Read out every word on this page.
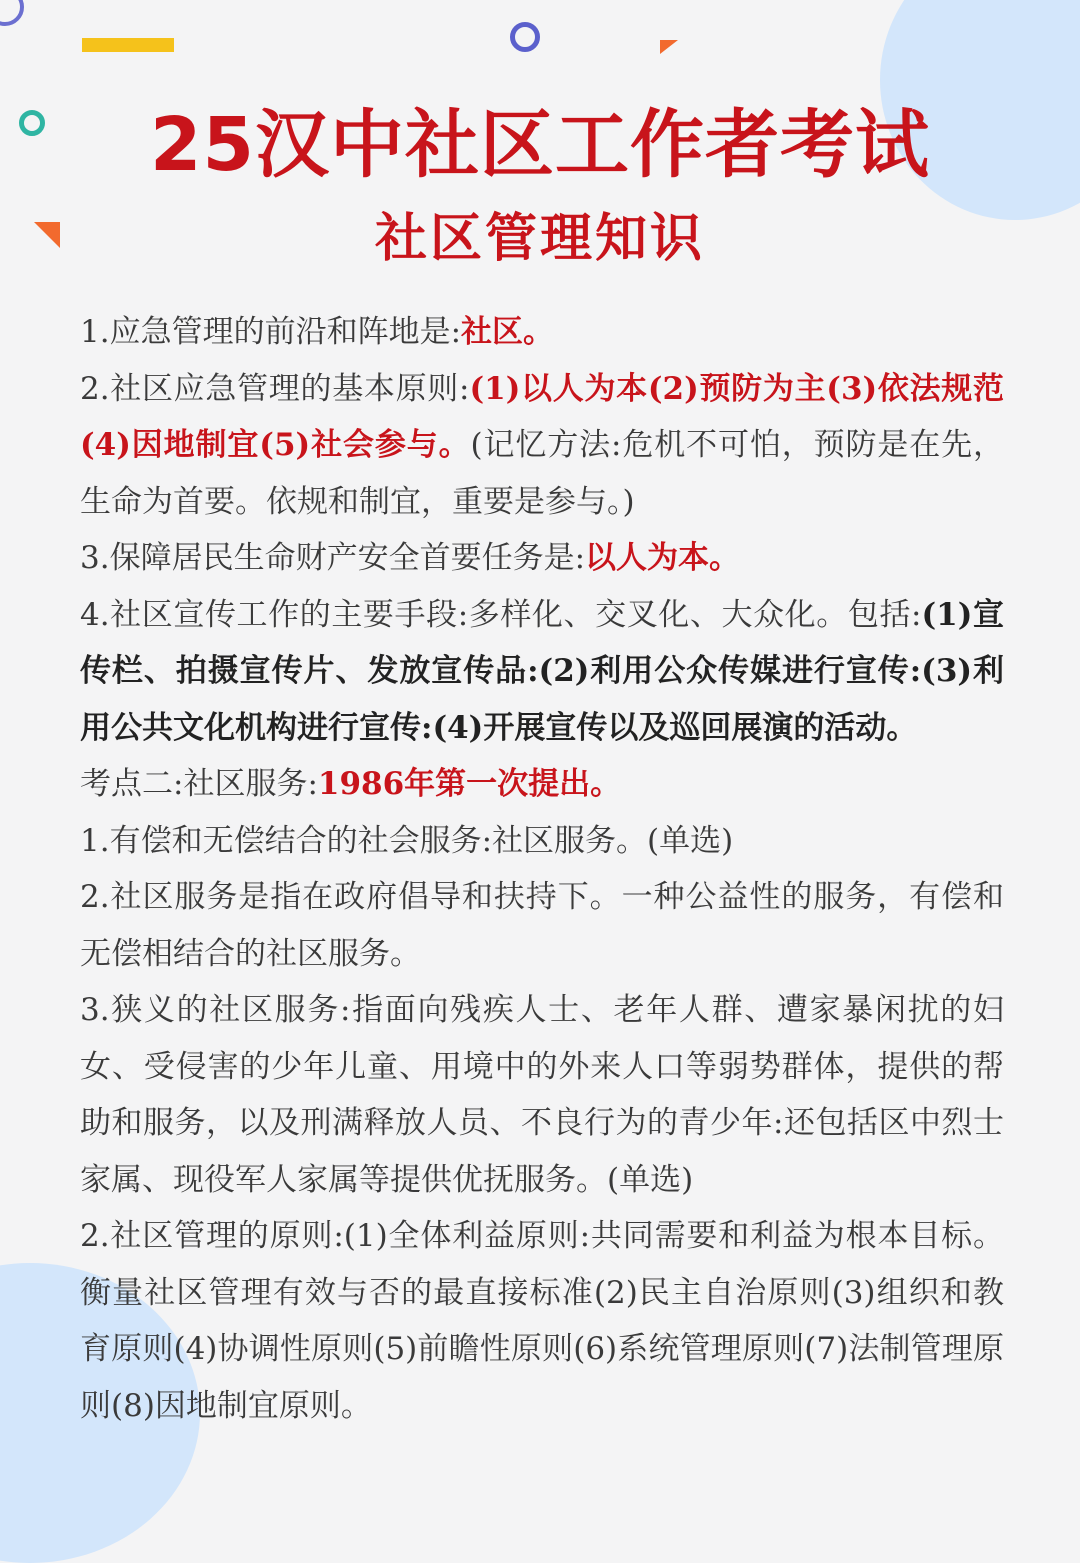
25汉中社区工作者考试
社区管理知识

1.应急管理的前沿和阵地是:社区。

2.社区应急管理的基本原则:(1)以人为本(2)预防为主(3)依法规范(4)因地制宜(5)社会参与。(记忆方法:危机不可怕，预防是在先，生命为首要。依规和制宜，重要是参与。)

3.保障居民生命财产安全首要任务是:以人为本。

4.社区宣传工作的主要手段:多样化、交叉化、大众化。包括:(1)宣传栏、拍摄宣传片、发放宣传品:(2)利用公众传媒进行宣传:(3)利用公共文化机构进行宣传:(4)开展宣传以及巡回展演的活动。

考点二:社区服务:1986年第一次提出。

1.有偿和无偿结合的社会服务:社区服务。(单选)

2.社区服务是指在政府倡导和扶持下。一种公益性的服务，有偿和无偿相结合的社区服务。

3.狭义的社区服务:指面向残疾人士、老年人群、遭家暴闲扰的妇女、受侵害的少年儿童、用境中的外来人口等弱势群体，提供的帮助和服务，以及刑满释放人员、不良行为的青少年:还包括区中烈士家属、现役军人家属等提供优抚服务。(单选)

2.社区管理的原则:(1)全体利益原则:共同需要和利益为根本目标。衡量社区管理有效与否的最直接标准(2)民主自治原则(3)组织和教育原则(4)协调性原则(5)前瞻性原则(6)系统管理原则(7)法制管理原则(8)因地制宜原则。
